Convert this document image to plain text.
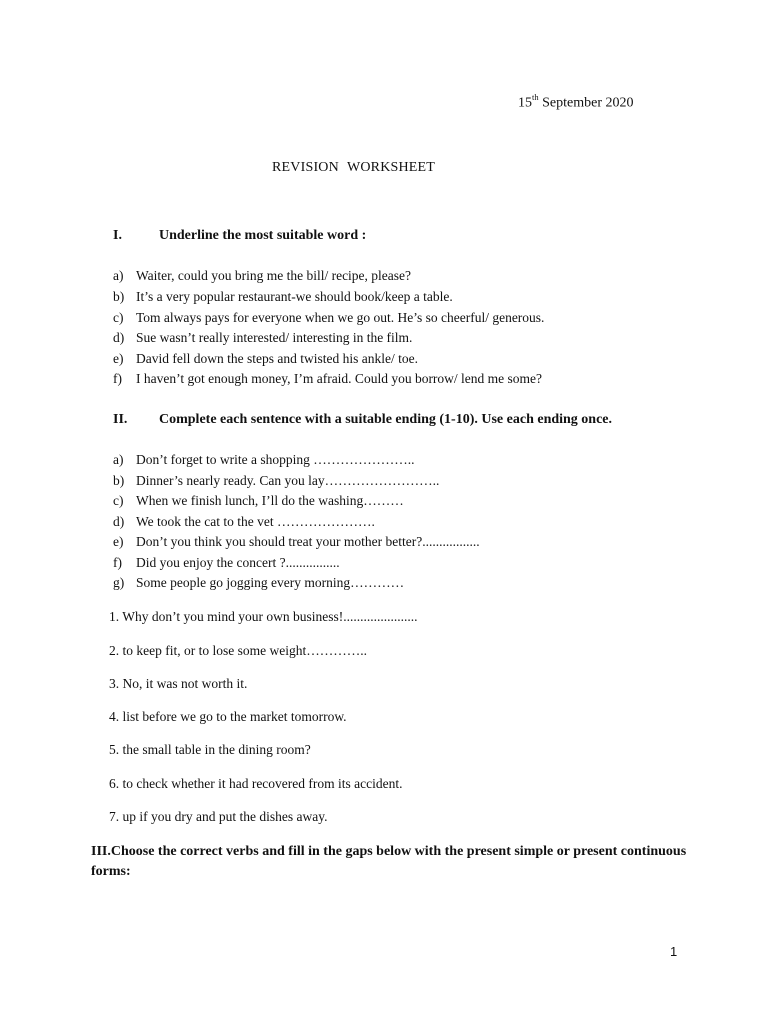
15th September 2020
REVISION WORKSHEET
I.	Underline the most suitable word :
a) Waiter, could you bring me the bill/ recipe, please?
b) It’s a very popular restaurant-we should book/keep a table.
c) Tom always pays for everyone when we go out. He’s so cheerful/ generous.
d) Sue wasn’t really interested/ interesting in the film.
e) David fell down the steps and twisted his ankle/ toe.
f) I haven’t got enough money, I’m afraid. Could you borrow/ lend me some?
II. Complete each sentence with a suitable ending (1-10). Use each ending once.
a) Don’t forget to write a shopping …………………..
b) Dinner’s nearly ready. Can you lay……………………..
c) When we finish lunch, I’ll do the washing………
d) We took the cat to the vet ………………….
e) Don’t you think you should treat your mother better?.................
f) Did you enjoy the concert ?................
g) Some people go jogging every morning…………
1. Why don’t you mind your own business!......................
2. to keep fit, or to lose some weight…………..
3. No, it was not worth it.
4. list before we go to the market tomorrow.
5. the small table in the dining room?
6. to check whether it had recovered from its accident.
7. up if you dry and put the dishes away.
III.Choose the correct verbs and fill in the gaps below with the present simple or present continuous forms:
1
